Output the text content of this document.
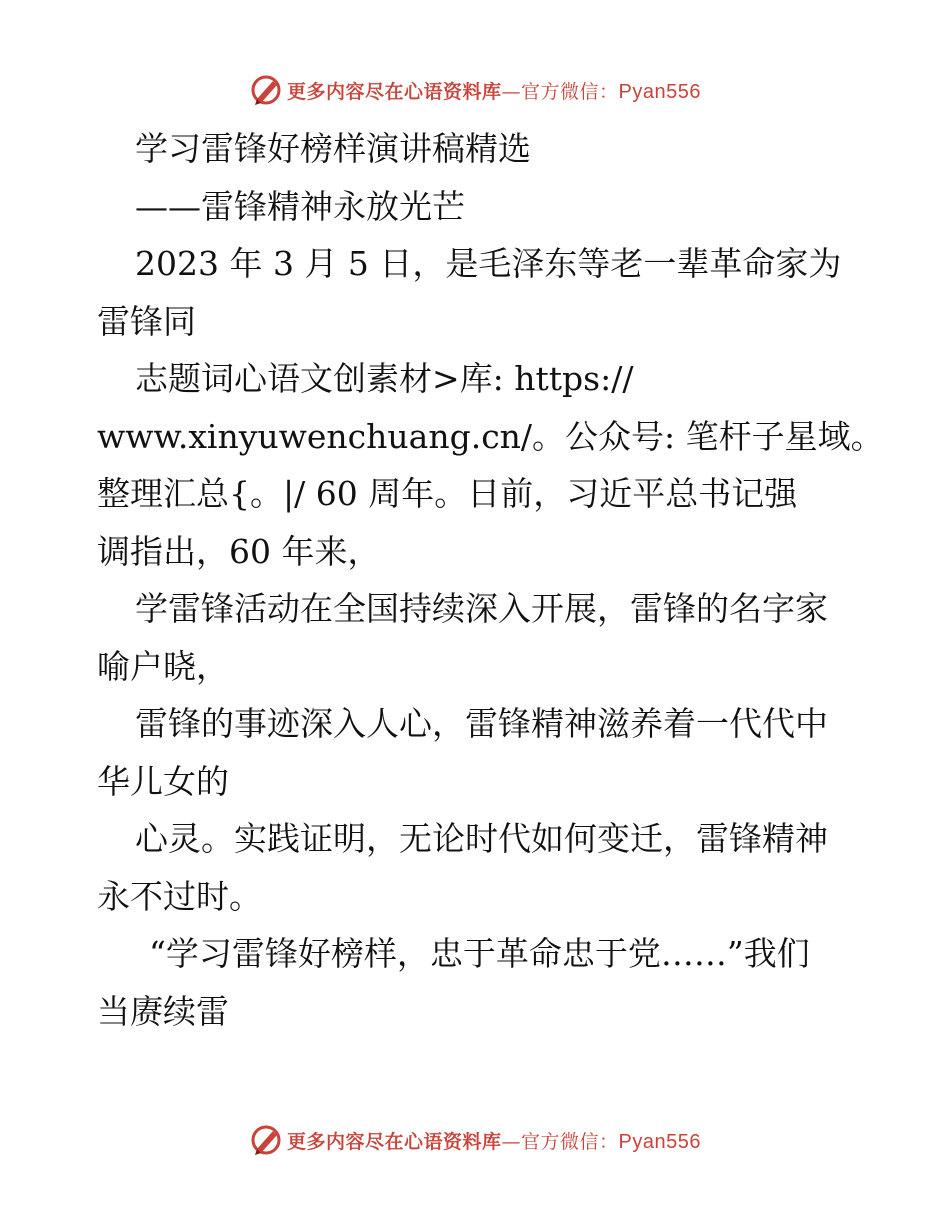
更多内容尽在心语资料库—官方微信：Pyan556
学习雷锋好榜样演讲稿精选
——雷锋精神永放光芒
2023 年 3 月 5 日，是毛泽东等老一辈革命家为
雷锋同
志题词心语文创素材>库: https://
www.xinyuwenchuang.cn/。公众号: 笔杆子星域。
整理汇总{。|/ 60 周年。日前，习近平总书记强
调指出，60 年来，
学雷锋活动在全国持续深入开展，雷锋的名字家
喻户晓，
雷锋的事迹深入人心，雷锋精神滋养着一代代中
华儿女的
心灵。实践证明，无论时代如何变迁，雷锋精神
永不过时。
“学习雷锋好榜样，忠于革命忠于党……”我们
当赓续雷
更多内容尽在心语资料库—官方微信：Pyan556
